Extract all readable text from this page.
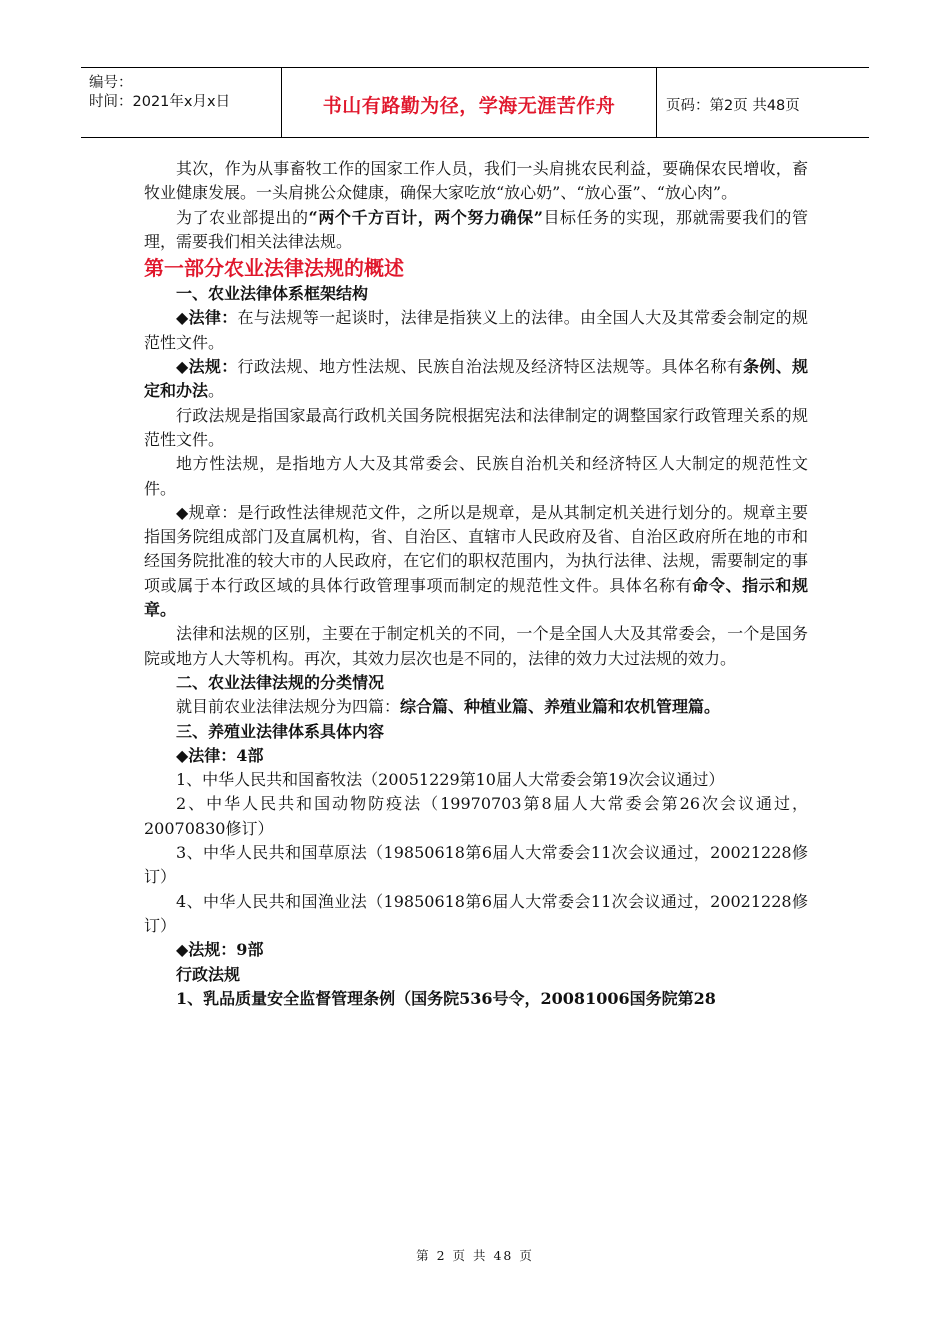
编号：
时间：2021年x月x日	书山有路勤为径，学海无涯苦作舟	页码：第2页 共48页

其次，作为从事畜牧工作的国家工作人员，我们一头肩挑农民利益，要确保农民增收，畜牧业健康发展。一头肩挑公众健康，确保大家吃放“放心奶”、“放心蛋”、“放心肉”。

为了农业部提出的“两个千方百计，两个努力确保”目标任务的实现，那就需要我们的管理，需要我们相关法律法规。

第一部分农业法律法规的概述

一、农业法律体系框架结构

◆法律：在与法规等一起谈时，法律是指狭义上的法律。由全国人大及其常委会制定的规范性文件。

◆法规：行政法规、地方性法规、民族自治法规及经济特区法规等。具体名称有条例、规定和办法。

行政法规是指国家最高行政机关国务院根据宪法和法律制定的调整国家行政管理关系的规范性文件。

地方性法规，是指地方人大及其常委会、民族自治机关和经济特区人大制定的规范性文件。

◆规章：是行政性法律规范文件，之所以是规章，是从其制定机关进行划分的。规章主要指国务院组成部门及直属机构，省、自治区、直辖市人民政府及省、自治区政府所在地的市和经国务院批准的较大市的人民政府，在它们的职权范围内，为执行法律、法规，需要制定的事项或属于本行政区域的具体行政管理事项而制定的规范性文件。具体名称有命令、指示和规章。

法律和法规的区别，主要在于制定机关的不同，一个是全国人大及其常委会，一个是国务院或地方人大等机构。再次，其效力层次也是不同的，法律的效力大过法规的效力。

二、农业法律法规的分类情况

就目前农业法律法规分为四篇：综合篇、种植业篇、养殖业篇和农机管理篇。

三、养殖业法律体系具体内容

◆法律：4部

1、中华人民共和国畜牧法（20051229第10届人大常委会第19次会议通过）

2、中华人民共和国动物防疫法（19970703第8届人大常委会第26次会议通过，20070830修订）

3、中华人民共和国草原法（19850618第6届人大常委会11次会议通过，20021228修订）

4、中华人民共和国渔业法（19850618第6届人大常委会11次会议通过，20021228修订）

◆法规：9部

行政法规

1、乳品质量安全监督管理条例（国务院536号令，20081006国务院第28

第 2 页 共 48 页
